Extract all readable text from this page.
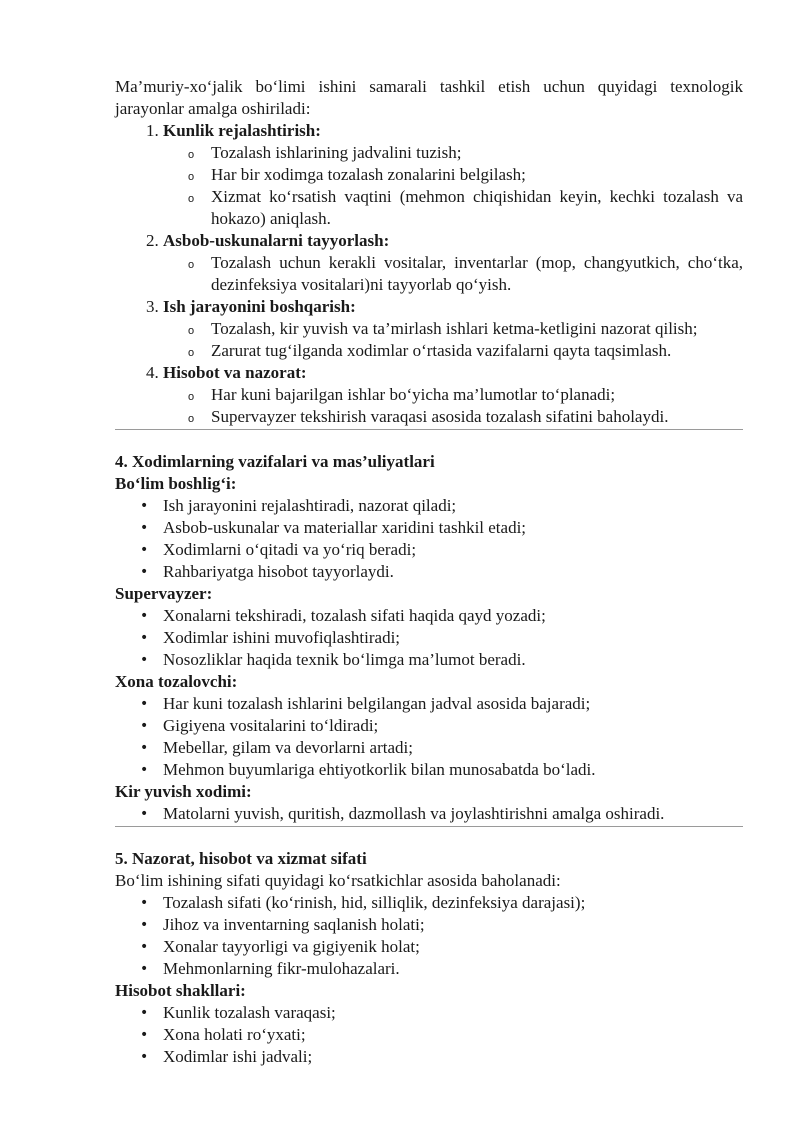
Ma’muriy-xo‘jalik bo‘limi ishini samarali tashkil etish uchun quyidagi texnologik jarayonlar amalga oshiriladi:

1. Kunlik rejalashtirish:
o Tozalash ishlarining jadvalini tuzish;
o Har bir xodimga tozalash zonalarini belgilash;
o Xizmat ko‘rsatish vaqtini (mehmon chiqishidan keyin, kechki tozalash va hokazo) aniqlash.
2. Asbob-uskunalarni tayyorlash:
o Tozalash uchun kerakli vositalar, inventarlar (mop, changyutkich, cho‘tka, dezinfeksiya vositalari)ni tayyorlab qo‘yish.
3. Ish jarayonini boshqarish:
o Tozalash, kir yuvish va ta’mirlash ishlari ketma-ketligini nazorat qilish;
o Zarurat tug‘ilganda xodimlar o‘rtasida vazifalarni qayta taqsimlash.
4. Hisobot va nazorat:
o Har kuni bajarilgan ishlar bo‘yicha ma’lumotlar to‘planadi;
o Supervayzer tekshirish varaqasi asosida tozalash sifatini baholaydi.

4. Xodimlarning vazifalari va mas’uliyatlari

Bo‘lim boshlig‘i:

• Ish jarayonini rejalashtiradi, nazorat qiladi;
• Asbob-uskunalar va materiallar xaridini tashkil etadi;
• Xodimlarni o‘qitadi va yo‘riq beradi;
• Rahbariyatga hisobot tayyorlaydi.

Supervayzer:

• Xonalarni tekshiradi, tozalash sifati haqida qayd yozadi;
• Xodimlar ishini muvofiqlashtiradi;
• Nosozliklar haqida texnik bo‘limga ma’lumot beradi.

Xona tozalovchi:

• Har kuni tozalash ishlarini belgilangan jadval asosida bajaradi;
• Gigiyena vositalarini to‘ldiradi;
• Mebellar, gilam va devorlarni artadi;
• Mehmon buyumlariga ehtiyotkorlik bilan munosabatda bo‘ladi.

Kir yuvish xodimi:

• Matolarni yuvish, quritish, dazmollash va joylashtirishni amalga oshiradi.

5. Nazorat, hisobot va xizmat sifati

Bo‘lim ishining sifati quyidagi ko‘rsatkichlar asosida baholanadi:

• Tozalash sifati (ko‘rinish, hid, silliqlik, dezinfeksiya darajasi);
• Jihoz va inventarning saqlanish holati;
• Xonalar tayyorligi va gigiyenik holat;
• Mehmonlarning fikr-mulohazalari.

Hisobot shakllari:

• Kunlik tozalash varaqasi;
• Xona holati ro‘yxati;
• Xodimlar ishi jadvali;
